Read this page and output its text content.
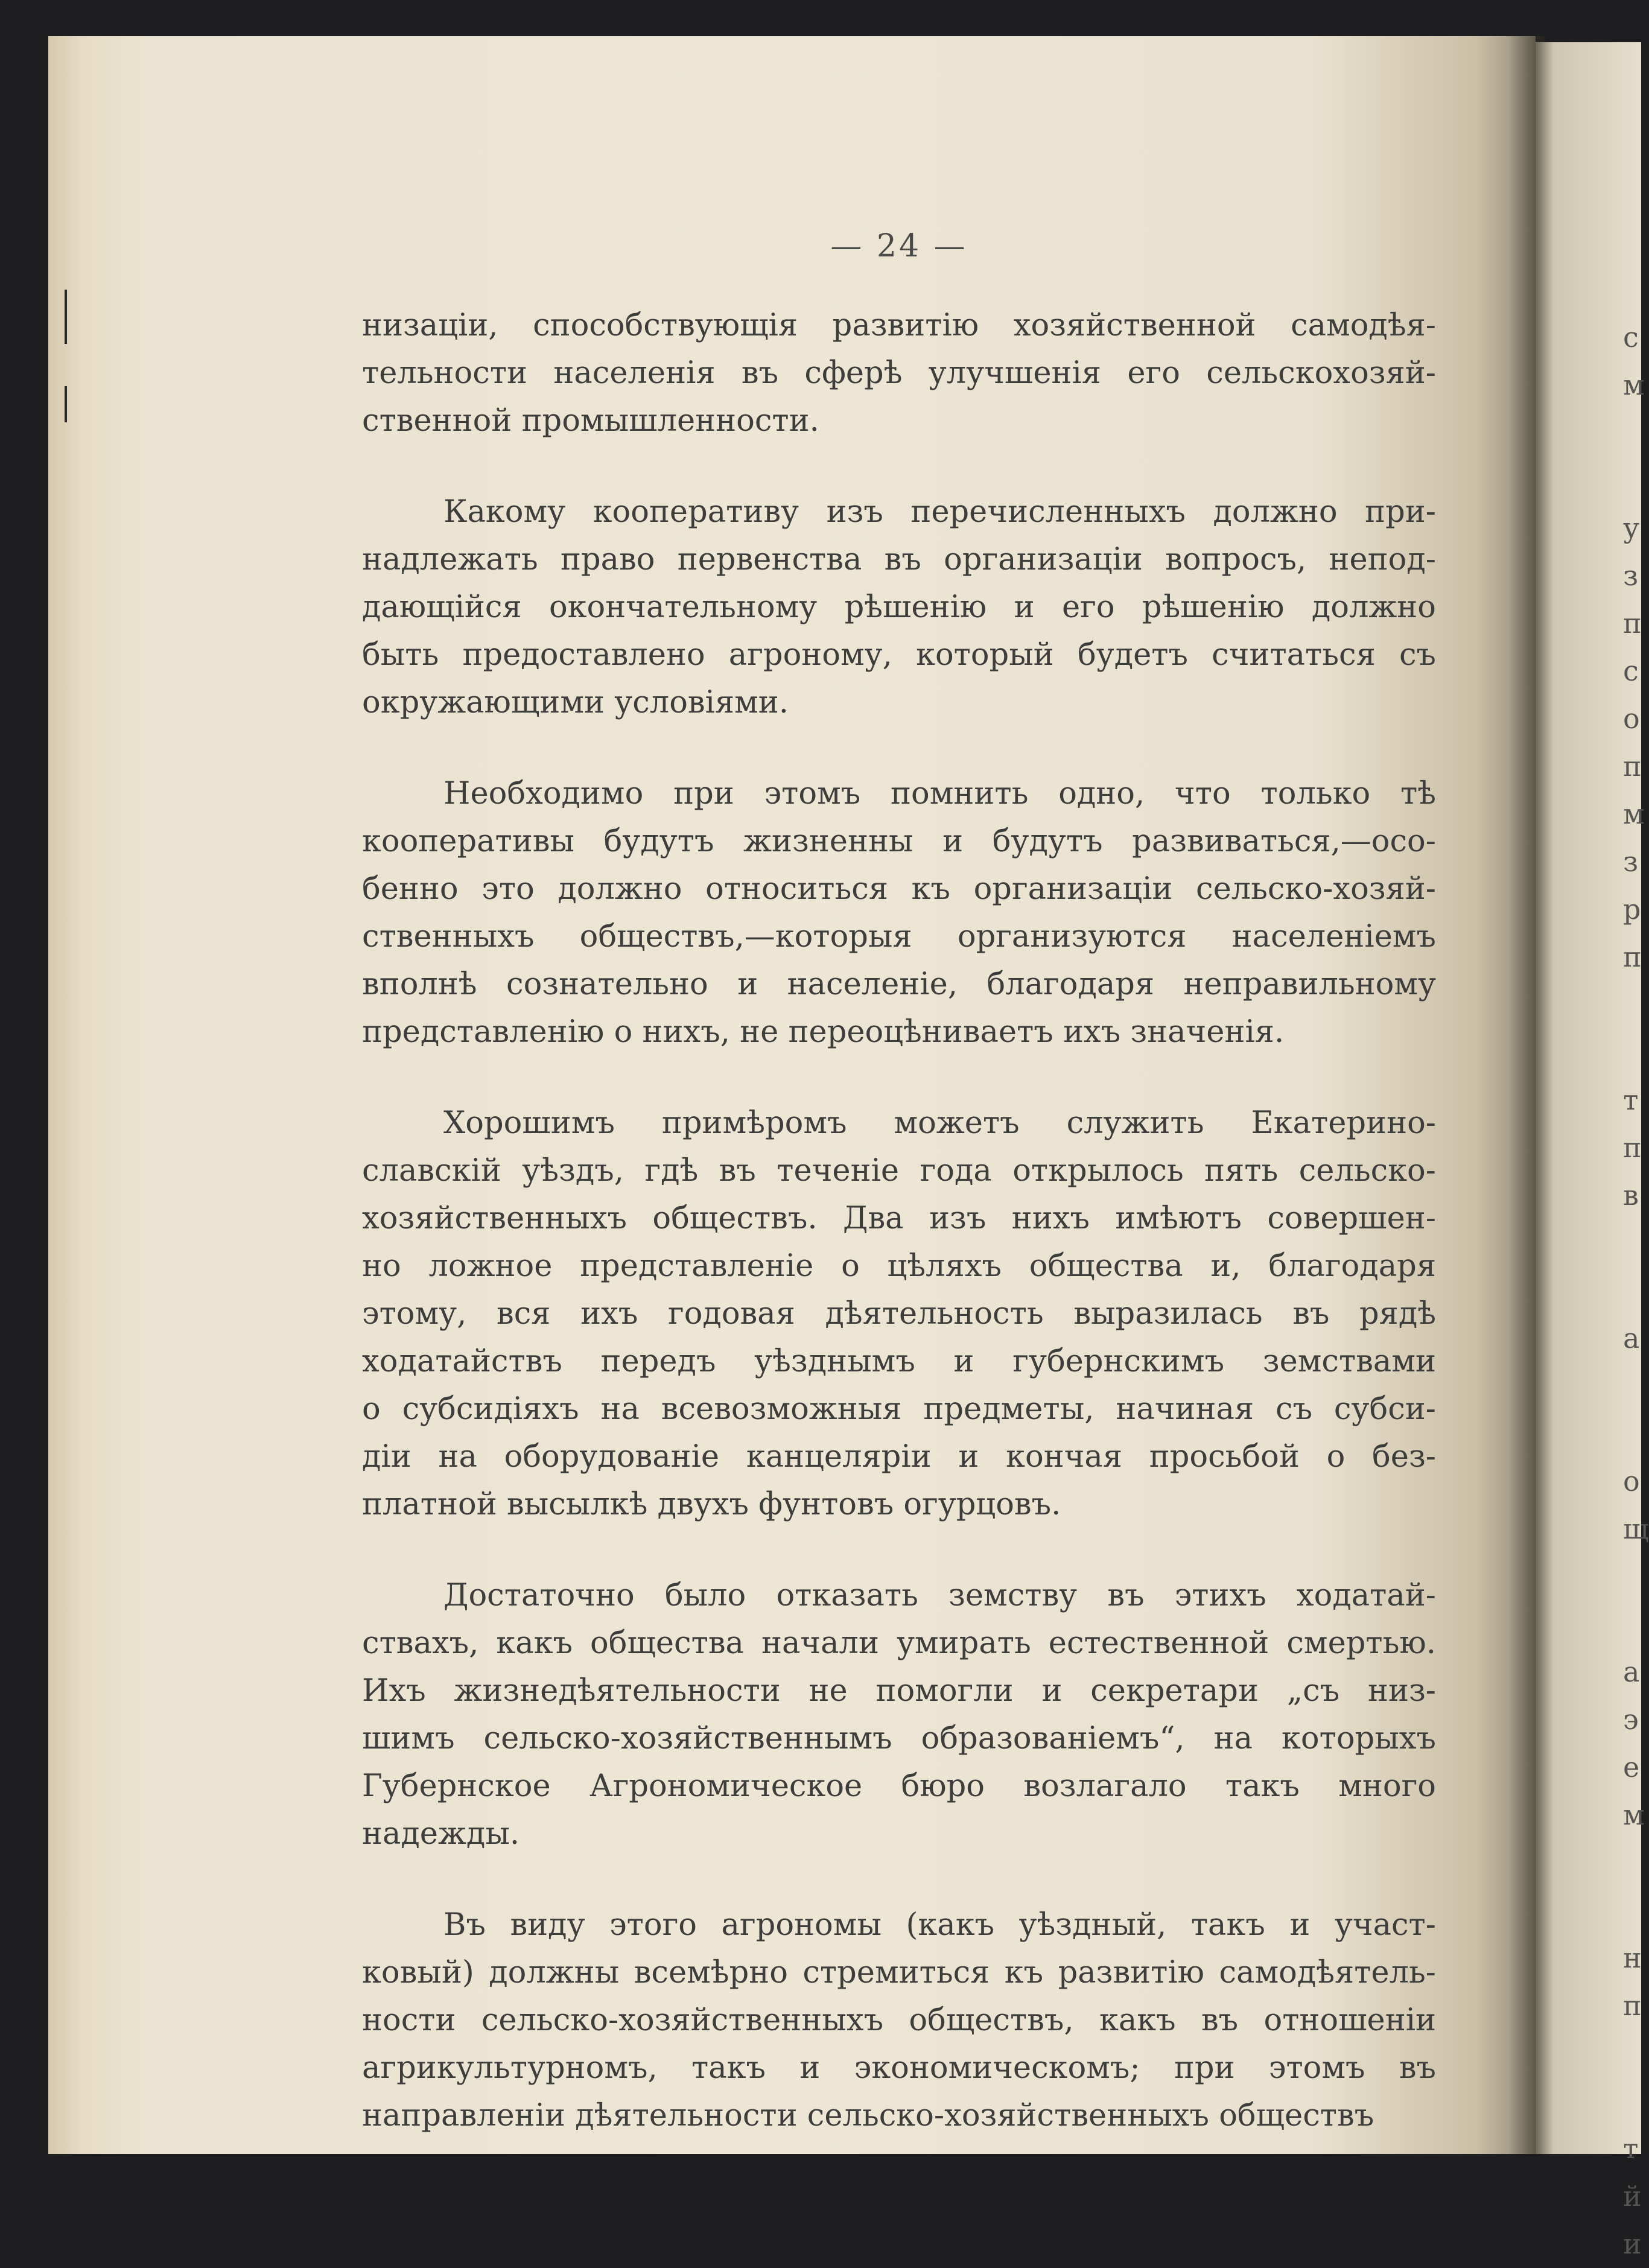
— 24 —
низаціи, способствующія развитію хозяйственной самодѣя-
тельности населенія въ сферѣ улучшенія его сельскохозяй-
ственной промышленности.
Какому кооперативу изъ перечисленныхъ должно при-
надлежать право первенства въ организаціи вопросъ, непод-
дающійся окончательному рѣшенію и его рѣшенію должно
быть предоставлено агроному, который будетъ считаться съ
окружающими условіями.
Необходимо при этомъ помнить одно, что только тѣ
кооперативы будутъ жизненны и будутъ развиваться,—осо-
бенно это должно относиться къ организаціи сельско-хозяй-
ственныхъ обществъ,—которыя организуются населеніемъ
вполнѣ сознательно и населеніе, благодаря неправильному
представленію о нихъ, не переоцѣниваетъ ихъ значенія.
Хорошимъ примѣромъ можетъ служить Екатерино-
славскій уѣздъ, гдѣ въ теченіе года открылось пять сельско-
хозяйственныхъ обществъ. Два изъ нихъ имѣютъ совершен-
но ложное представленіе о цѣляхъ общества и, благодаря
этому, вся ихъ годовая дѣятельность выразилась въ рядѣ
ходатайствъ передъ уѣзднымъ и губернскимъ земствами
о субсидіяхъ на всевозможныя предметы, начиная съ субси-
діи на оборудованіе канцеляріи и кончая просьбой о без-
платной высылкѣ двухъ фунтовъ огурцовъ.
Достаточно было отказать земству въ этихъ ходатай-
ствахъ, какъ общества начали умирать естественной смертью.
Ихъ жизнедѣятельности не помогли и секретари „съ низ-
шимъ сельско-хозяйственнымъ образованіемъ“, на которыхъ
Губернское Агрономическое бюро возлагало такъ много
надежды.
Въ виду этого агрономы (какъ уѣздный, такъ и участ-
ковый) должны всемѣрно стремиться къ развитію самодѣятель-
ности сельско-хозяйственныхъ обществъ, какъ въ отношеніи
агрикультурномъ, такъ и экономическомъ; при этомъ въ
направленіи дѣятельности сельско-хозяйственныхъ обществъ
с
м

у
з
п
с
о
п
м
з
р
п

т
п
в

а

о
щ

а
э
е
м

н
п

т
й
и
